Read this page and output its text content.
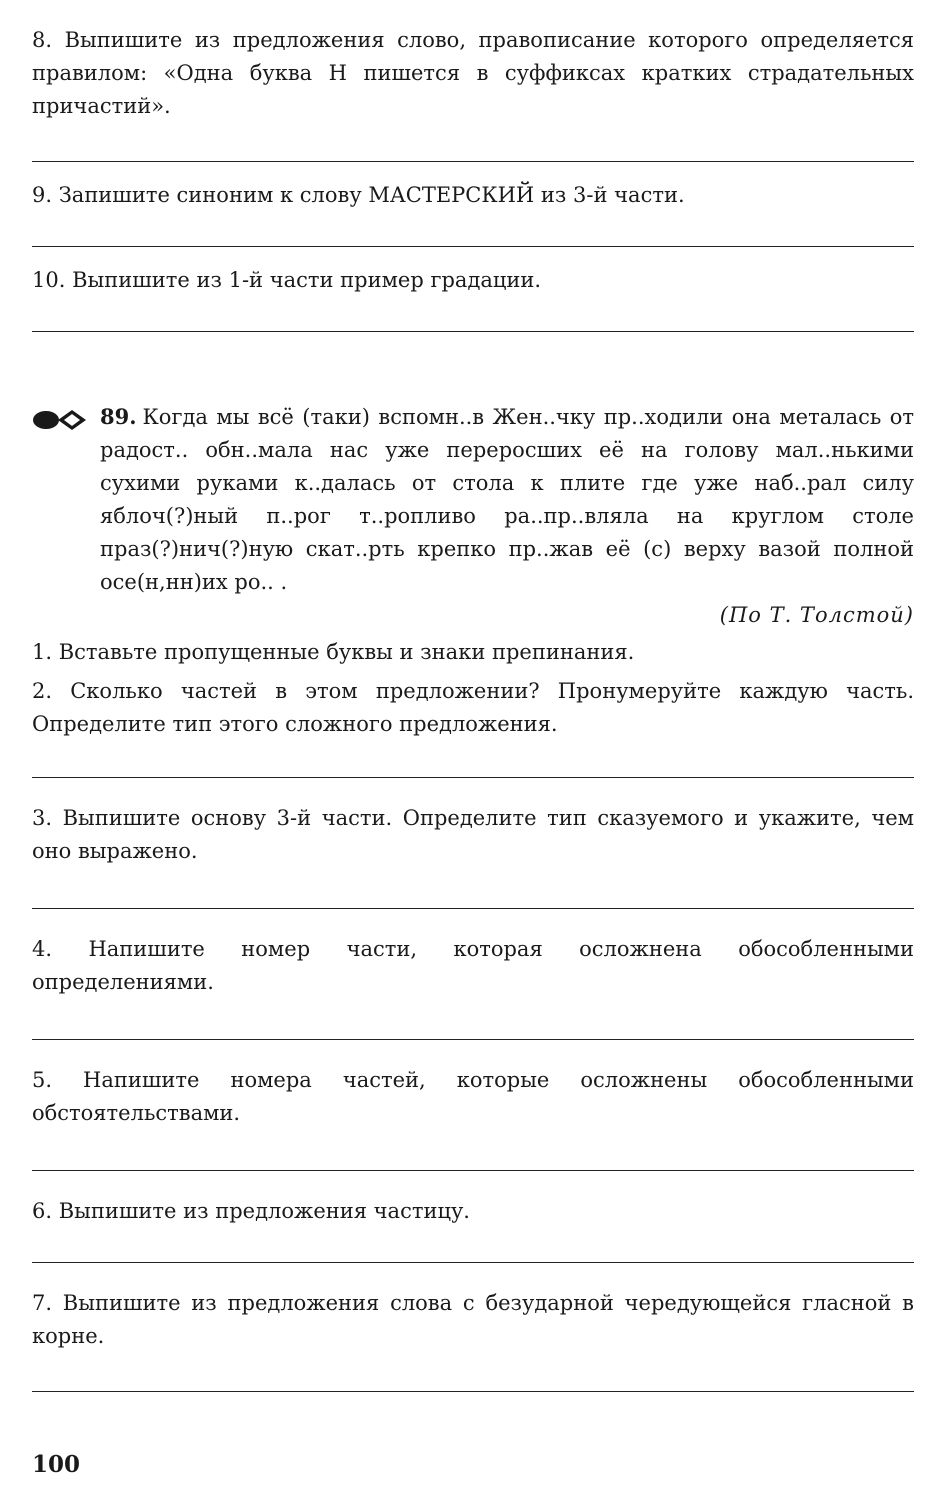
8. Выпишите из предложения слово, правописание которого определяется правилом: «Одна буква Н пишется в суффиксах кратких страдательных причастий».

9. Запишите синоним к слову МАСТЕРСКИЙ из 3-й части.

10. Выпишите из 1-й части пример градации.

89. Когда мы всё (таки) вспомн..в Жен..чку пр..ходили она металась от радост.. обн..мала нас уже переросших её на голову мал..нькими сухими руками к..далась от стола к плите где уже наб..рал силу яблоч(?)ный п..рог т..ропливо ра..пр..вляла на круглом столе праз(?)нич(?)ную скат..рть крепко пр..жав её (с) верху вазой полной осе(н,нн)их ро.. .

(По Т. Толстой)

1. Вставьте пропущенные буквы и знаки препинания.

2. Сколько частей в этом предложении? Пронумеруйте каждую часть. Определите тип этого сложного предложения.

3. Выпишите основу 3-й части. Определите тип сказуемого и укажите, чем оно выражено.

4. Напишите номер части, которая осложнена обособленными определениями.

5. Напишите номера частей, которые осложнены обособленными обстоятельствами.

6. Выпишите из предложения частицу.

7. Выпишите из предложения слова с безударной чередующейся гласной в корне.

100
